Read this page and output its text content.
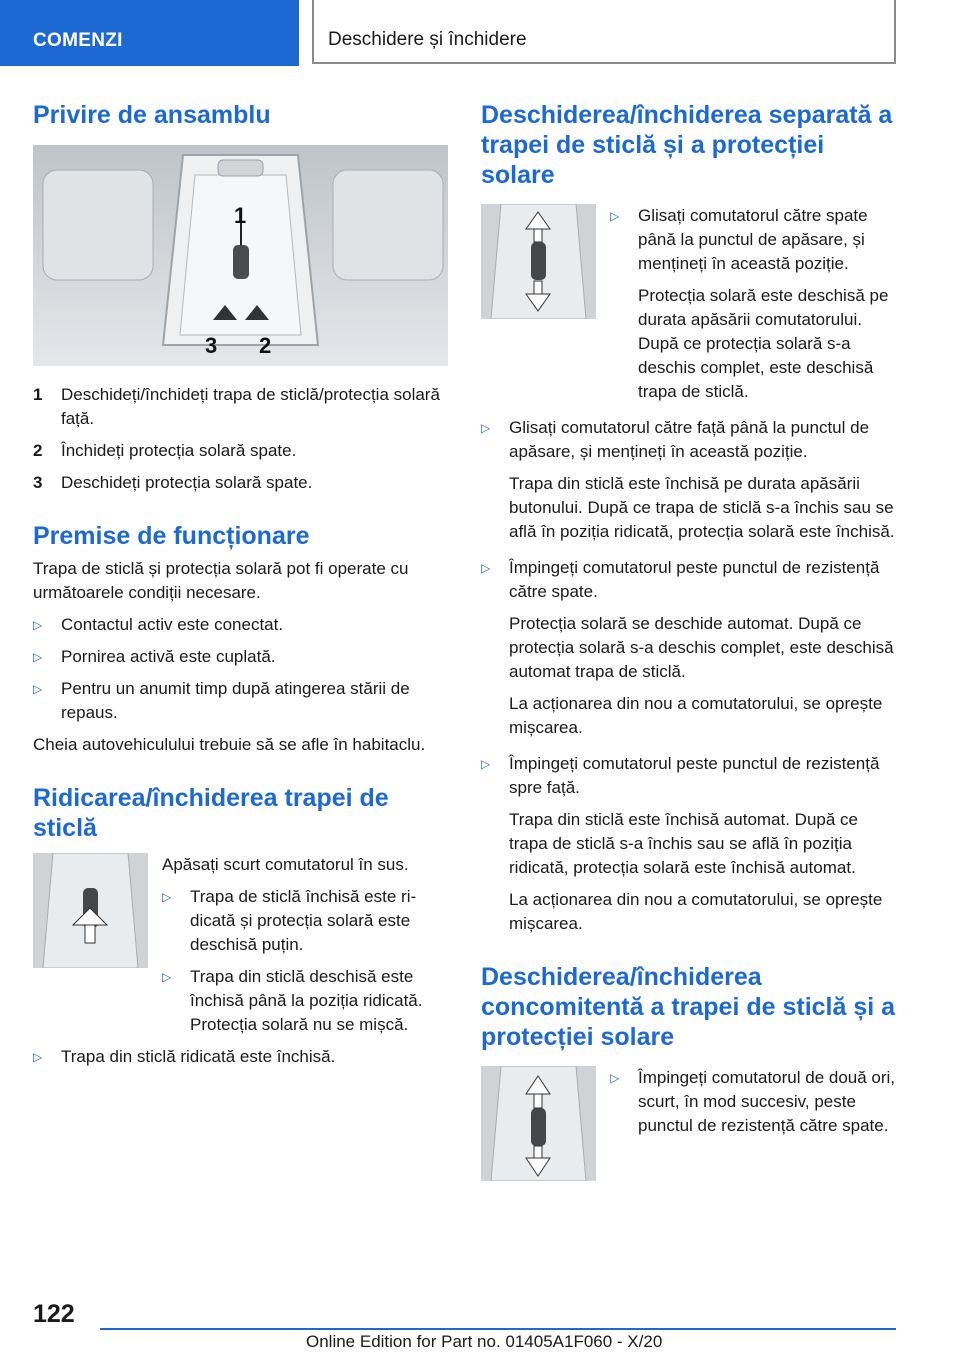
COMENZI	Deschidere și închidere
Privire de ansamblu
1
2
3
1	Deschideți/închideți trapa de sticlă/protecția solară față.
2	Închideți protecția solară spate.
3	Deschideți protecția solară spate.
Premise de funcționare

Trapa de sticlă și protecția solară pot fi operate cu următoarele condiții necesare.

▷	Contactul activ este conectat.
▷	Pornirea activă este cuplată.
▷	Pentru un anumit timp după atingerea stării de repaus.

Cheia autovehiculului trebuie să se afle în habitaclu.

Ridicarea/închiderea trapei de sticlă

Apăsați scurt comutatorul în sus.

▷	Trapa de sticlă închisă este ridicată și protecția solară este deschisă puțin.
▷	Trapa din sticlă deschisă este închisă până la poziția ridicată. Protecția solară nu se mișcă.
▷	Trapa din sticlă ridicată este închisă.
Deschiderea/închiderea separată a trapei de sticlă și a protecției solare
▷	Glisați comutatorul către spate până la punctul de apăsare, și mențineți în această poziție.

Protecția solară este deschisă pe durata apăsării comutatorului. După ce protecția solară s-a deschis complet, este deschisă trapa de sticlă.

▷	Glisați comutatorul către față până la punctul de apăsare, și mențineți în această poziție.

Trapa din sticlă este închisă pe durata apăsării butonului. După ce trapa de sticlă s-a închis sau se află în poziția ridicată, protecția solară este închisă.

▷	Împingeți comutatorul peste punctul de rezistență către spate.

Protecția solară se deschide automat. După ce protecția solară s-a deschis complet, este deschisă automat trapa de sticlă.

La acționarea din nou a comutatorului, se oprește mișcarea.

▷	Împingeți comutatorul peste punctul de rezistență spre față.

Trapa din sticlă este închisă automat. După ce trapa de sticlă s-a închis sau se află în poziția ridicată, protecția solară este închisă automat.

La acționarea din nou a comutatorului, se oprește mișcarea.

Deschiderea/închiderea concomitentă a trapei de sticlă și a protecției solare
▷	Împingeți comutatorul de două ori, scurt, în mod succesiv, peste punctul de rezistență către spate.
122
Online Edition for Part no. 01405A1F060 - X/20
